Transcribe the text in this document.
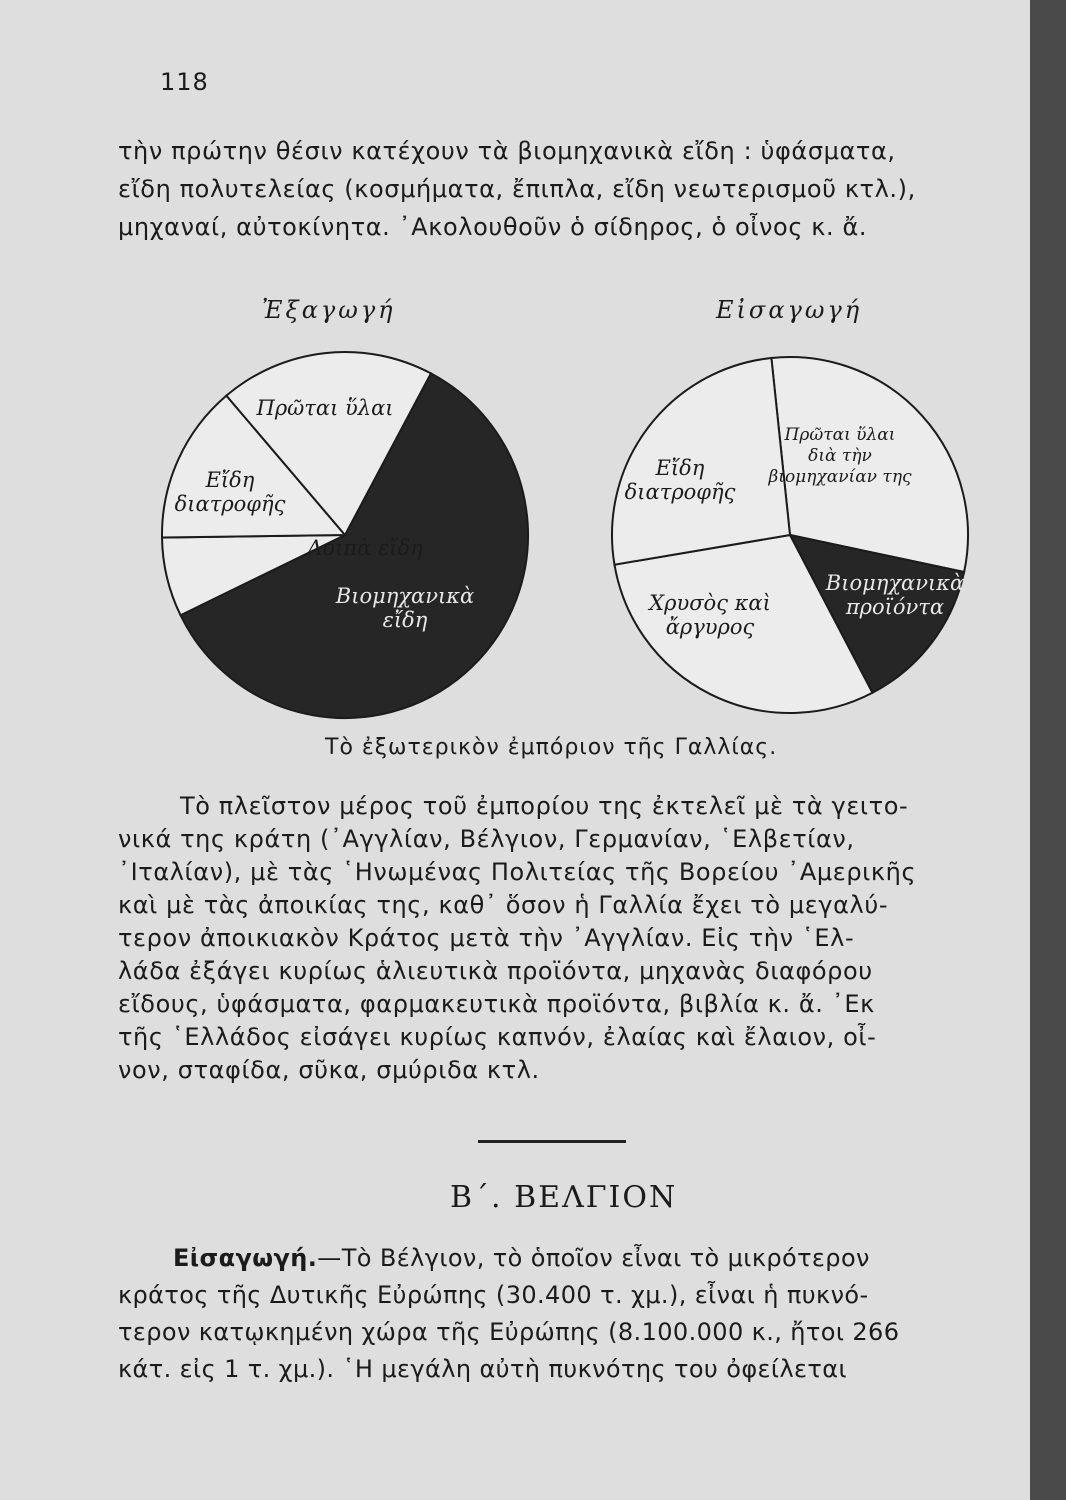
118

τὴν πρώτην θέσιν κατέχουν τὰ βιομηχανικὰ εἴδη : ὑφάσματα,

εἴδη πολυτελείας (κοσμήματα, ἔπιπλα, εἴδη νεωτερισμοῦ κτλ.),

μηχαναί, αὐτοκίνητα. ᾿Ακολουθοῦν ὁ σίδηρος, ὁ οἶνος κ. ἄ.

Ἐξαγωγή	Εἰσαγωγή
Βιομηχανικὰ εἴδη
Λοιπὰ εἴδη
Εἴδη διατροφῆς
Πρῶται ὕλαι
Πρῶται ὕλαι διὰ τὴν βιομηχανίαν της
Βιομηχανικὰ προϊόντα
Χρυσὸς καὶ ἄργυρος
Εἴδη διατροφῆς
Τὸ ἐξωτερικὸν ἐμπόριον τῆς Γαλλίας.

Τὸ πλεῖστον μέρος τοῦ ἐμπορίου της ἐκτελεῖ μὲ τὰ γειτο-

νικά της κράτη (᾿Αγγλίαν, Βέλγιον, Γερμανίαν, ῾Ελβετίαν,

᾿Ιταλίαν), μὲ τὰς ῾Ηνωμένας Πολιτείας τῆς Βορείου ᾿Αμερικῆς

καὶ μὲ τὰς ἀποικίας της, καθ᾿ ὅσον ἡ Γαλλία ἔχει τὸ μεγαλύ-

τερον ἀποικιακὸν Κράτος μετὰ τὴν ᾿Αγγλίαν. Εἰς τὴν ῾Ελ-

λάδα ἐξάγει κυρίως ἁλιευτικὰ προϊόντα, μηχανὰς διαφόρου

εἴδους, ὑφάσματα, φαρμακευτικὰ προϊόντα, βιβλία κ. ἄ. ᾿Εκ

τῆς ῾Ελλάδος εἰσάγει κυρίως καπνόν, ἐλαίας καὶ ἔλαιον, οἶ-

νον, σταφίδα, σῦκα, σμύριδα κτλ.

Β΄. ΒΕΛΓΙΟΝ

Εἰσαγωγή.—Τὸ Βέλγιον, τὸ ὁποῖον εἶναι τὸ μικρότερον

κράτος τῆς Δυτικῆς Εὐρώπης (30.400 τ. χμ.), εἶναι ἡ πυκνό-

τερον κατῳκημένη χώρα τῆς Εὐρώπης (8.100.000 κ., ἤτοι 266

κάτ. εἰς 1 τ. χμ.). ῾Η μεγάλη αὐτὴ πυκνότης του ὀφείλεται
